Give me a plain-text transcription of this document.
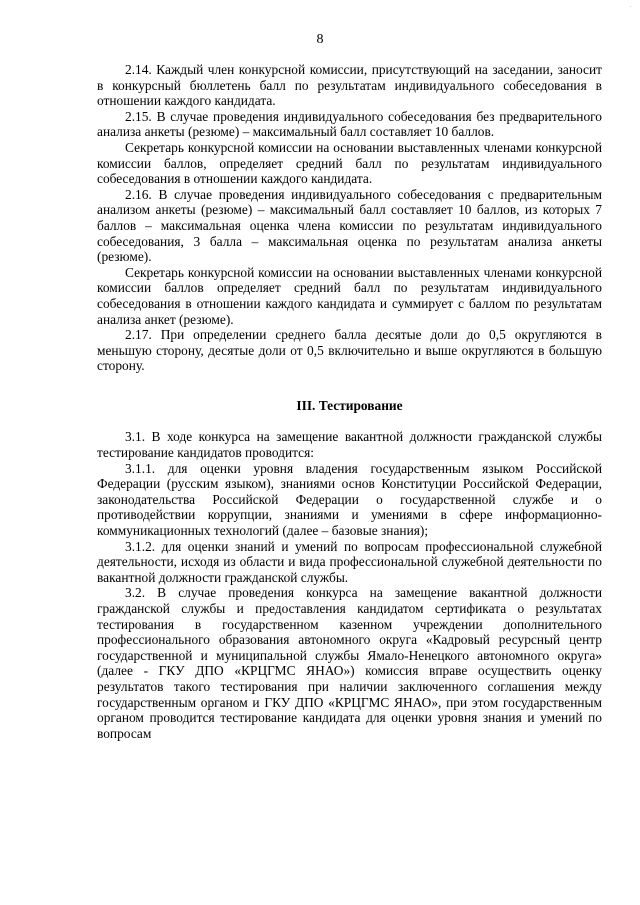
·
8

2.14. Каждый член конкурсной комиссии, присутствующий на заседании, заносит в конкурсный бюллетень балл по результатам индивидуального собеседования в отношении каждого кандидата.

2.15. В случае проведения индивидуального собеседования без предварительного анализа анкеты (резюме) – максимальный балл составляет 10 баллов.

Секретарь конкурсной комиссии на основании выставленных членами конкурсной комиссии баллов, определяет средний балл по результатам индивидуального собеседования в отношении каждого кандидата.

2.16. В случае проведения индивидуального собеседования с предварительным анализом анкеты (резюме) – максимальный балл составляет 10 баллов, из которых 7 баллов – максимальная оценка члена комиссии по результатам индивидуального собеседования, 3 балла – максимальная оценка по результатам анализа анкеты (резюме).

Секретарь конкурсной комиссии на основании выставленных членами конкурсной комиссии баллов определяет средний балл по результатам индивидуального собеседования в отношении каждого кандидата и суммирует с баллом по результатам анализа анкет (резюме).

2.17. При определении среднего балла десятые доли до 0,5 округляются в меньшую сторону, десятые доли от 0,5 включительно и выше округляются в большую сторону.

III. Тестирование

3.1. В ходе конкурса на замещение вакантной должности гражданской службы тестирование кандидатов проводится:

3.1.1. для оценки уровня владения государственным языком Российской Федерации (русским языком), знаниями основ Конституции Российской Федерации, законодательства Российской Федерации о государственной службе и о противодействии коррупции, знаниями и умениями в сфере информационно-коммуникационных технологий (далее – базовые знания);

3.1.2. для оценки знаний и умений по вопросам профессиональной служебной деятельности, исходя из области и вида профессиональной служебной деятельности по вакантной должности гражданской службы.

3.2. В случае проведения конкурса на замещение вакантной должности гражданской службы и предоставления кандидатом сертификата о результатах тестирования в государственном казенном учреждении дополнительного профессионального образования автономного округа «Кадровый ресурсный центр государственной и муниципальной службы Ямало-Ненецкого автономного округа» (далее - ГКУ ДПО «КРЦГМС ЯНАО») комиссия вправе осуществить оценку результатов такого тестирования при наличии заключенного соглашения между государственным органом и ГКУ ДПО «КРЦГМС ЯНАО», при этом государственным органом проводится тестирование кандидата для оценки уровня знания и умений по вопросам
